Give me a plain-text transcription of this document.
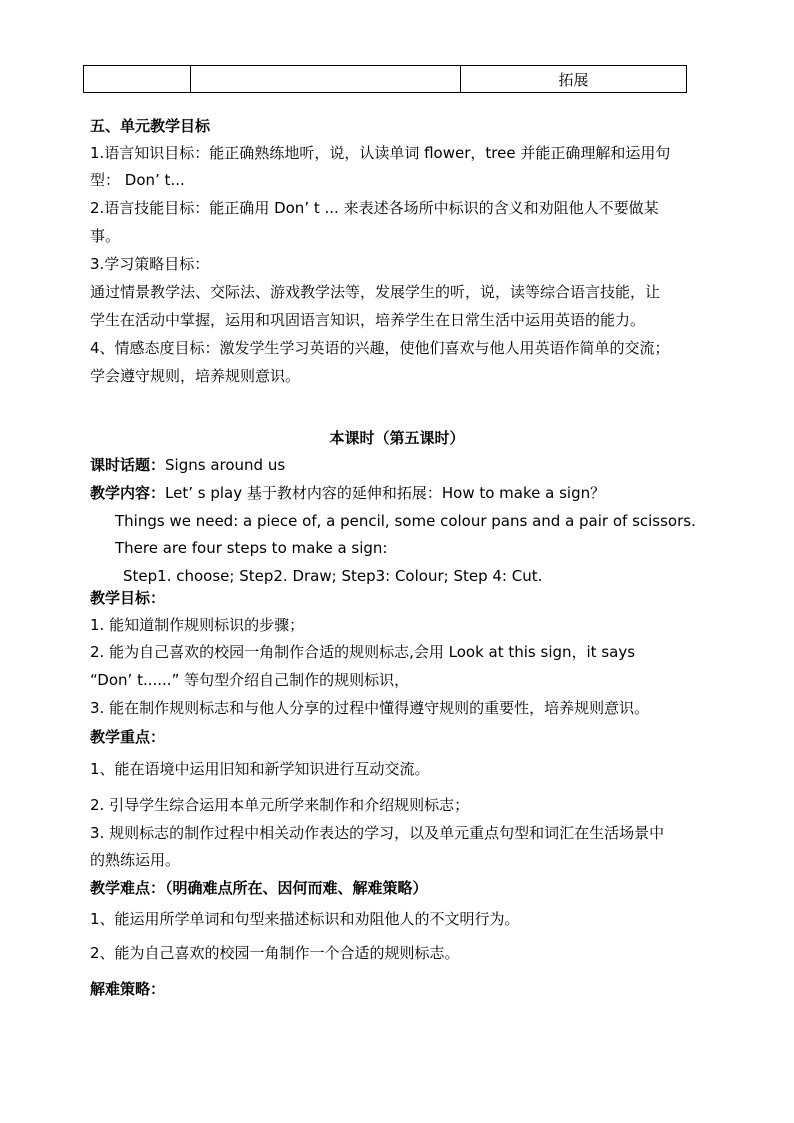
		拓展
五、单元教学目标
1.语言知识目标：能正确熟练地听，说，认读单词 flower，tree 并能正确理解和运用句
型： Don’ t...
2.语言技能目标：能正确用 Don’ t ... 来表述各场所中标识的含义和劝阻他人不要做某
事。
3.学习策略目标：
通过情景教学法、交际法、游戏教学法等，发展学生的听，说，读等综合语言技能，让
学生在活动中掌握，运用和巩固语言知识，培养学生在日常生活中运用英语的能力。
4、情感态度目标：激发学生学习英语的兴趣，使他们喜欢与他人用英语作简单的交流；
学会遵守规则，培养规则意识。
本课时（第五课时）
课时话题：Signs around us
教学内容：Let’ s play 基于教材内容的延伸和拓展：How to make a sign？
Things we need: a piece of, a pencil, some colour pans and a pair of scissors.
There are four steps to make a sign:
Step1. choose; Step2. Draw; Step3: Colour; Step 4: Cut.
教学目标：
1. 能知道制作规则标识的步骤；
2. 能为自己喜欢的校园一角制作合适的规则标志,会用 Look at this sign，it says
“Don’ t......” 等句型介绍自己制作的规则标识，
3. 能在制作规则标志和与他人分享的过程中懂得遵守规则的重要性，培养规则意识。
教学重点：
1、能在语境中运用旧知和新学知识进行互动交流。
2. 引导学生综合运用本单元所学来制作和介绍规则标志；
3. 规则标志的制作过程中相关动作表达的学习，以及单元重点句型和词汇在生活场景中
的熟练运用。
教学难点：（明确难点所在、因何而难、解难策略）
1、能运用所学单词和句型来描述标识和劝阻他人的不文明行为。
2、能为自己喜欢的校园一角制作一个合适的规则标志。
解难策略：
